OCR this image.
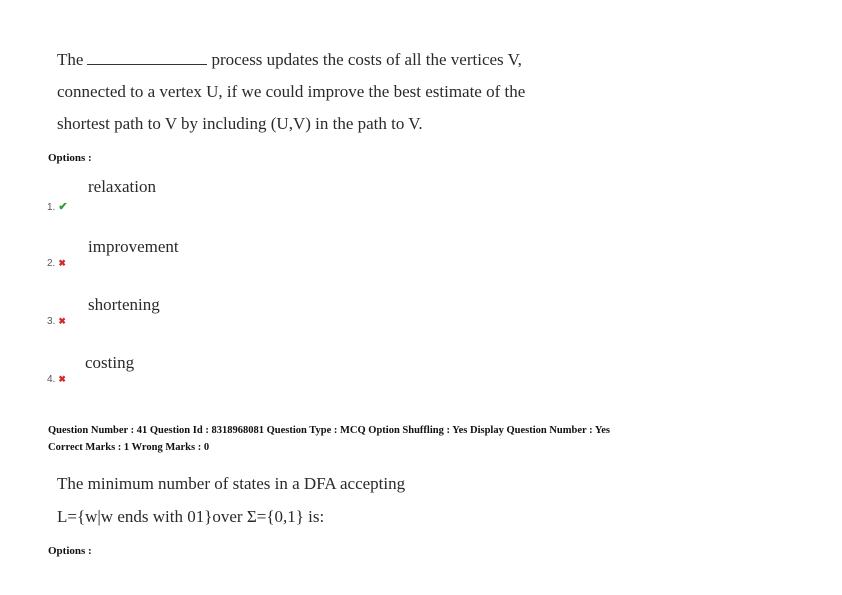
The	process updates the costs of all the vertices V,
connected to a vertex U, if we could improve the best estimate of the
shortest path to V by including (U,V) in the path to V.
Options :
relaxation
1. ✔
improvement
2. ✖
shortening
3. ✖
costing
4. ✖
Question Number : 41 Question Id : 8318968081 Question Type : MCQ Option Shuffling : Yes Display Question Number : Yes
Correct Marks : 1 Wrong Marks : 0
The minimum number of states in a DFA accepting
L={w|w ends with 01}over Σ={0,1} is:
Options :
